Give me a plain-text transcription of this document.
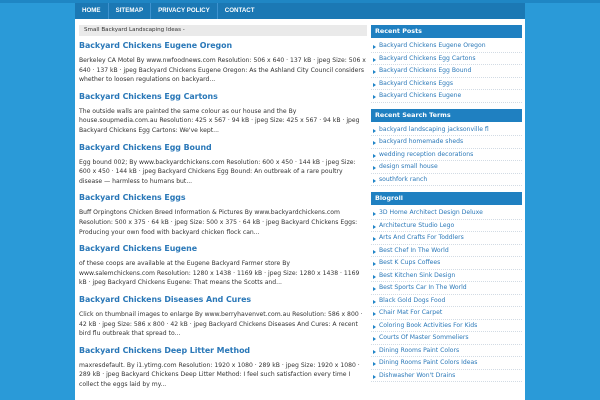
HOME	SITEMAP	PRIVACY POLICY	CONTACT
Small Backyard Landscaping Ideas -
Backyard Chickens Eugene Oregon

Berkeley CA Motel By www.nwfoodnews.com Resolution: 506 x 640 · 137 kB · jpeg Size: 506 x 640 · 137 kB · jpeg Backyard Chickens Eugene Oregon: As the Ashland City Council considers whether to loosen regulations on backyard...

Backyard Chickens Egg Cartons

The outside walls are painted the same colour as our house and the By house.soupmedia.com.au Resolution: 425 x 567 · 94 kB · jpeg Size: 425 x 567 · 94 kB · jpeg Backyard Chickens Egg Cartons: We've kept...

Backyard Chickens Egg Bound

Egg bound 002; By www.backyardchickens.com Resolution: 600 x 450 · 144 kB · jpeg Size: 600 x 450 · 144 kB · jpeg Backyard Chickens Egg Bound: An outbreak of a rare poultry disease — harmless to humans but...

Backyard Chickens Eggs

Buff Orpingtons Chicken Breed Information & Pictures By www.backyardchickens.com Resolution: 500 x 375 · 64 kB · jpeg Size: 500 x 375 · 64 kB · jpeg Backyard Chickens Eggs: Producing your own food with backyard chicken flock can...

Backyard Chickens Eugene

of these coops are available at the Eugene Backyard Farmer store By www.salemchickens.com Resolution: 1280 x 1438 · 1169 kB · jpeg Size: 1280 x 1438 · 1169 kB · jpeg Backyard Chickens Eugene: That means the Scotts and...

Backyard Chickens Diseases And Cures

Click on thumbnail images to enlarge By www.berryhavenvet.com.au Resolution: 586 x 800 · 42 kB · jpeg Size: 586 x 800 · 42 kB · jpeg Backyard Chickens Diseases And Cures: A recent bird flu outbreak that spread to...

Backyard Chickens Deep Litter Method

maxresdefault. By i1.ytimg.com Resolution: 1920 x 1080 · 289 kB · jpeg Size: 1920 x 1080 · 289 kB · jpeg Backyard Chickens Deep Litter Method: I feel such satisfaction every time I collect the eggs laid by my...

Recent Posts
Backyard Chickens Eugene Oregon
Backyard Chickens Egg Cartons
Backyard Chickens Egg Bound
Backyard Chickens Eggs
Backyard Chickens Eugene
Recent Search Terms
backyard landscaping jacksonville fl
backyard homemade sheds
wedding reception decorations
design small house
southfork ranch
Blogroll
3D Home Architect Design Deluxe
Architecture Studio Lego
Arts And Crafts For Toddlers
Best Chef In The World
Best K Cups Coffees
Best Kitchen Sink Design
Best Sports Car In The World
Black Gold Dogs Food
Chair Mat For Carpet
Coloring Book Activities For Kids
Courts Of Master Sommeliers
Dining Rooms Paint Colors
Dining Rooms Paint Colors Ideas
Dishwasher Won't Drains
